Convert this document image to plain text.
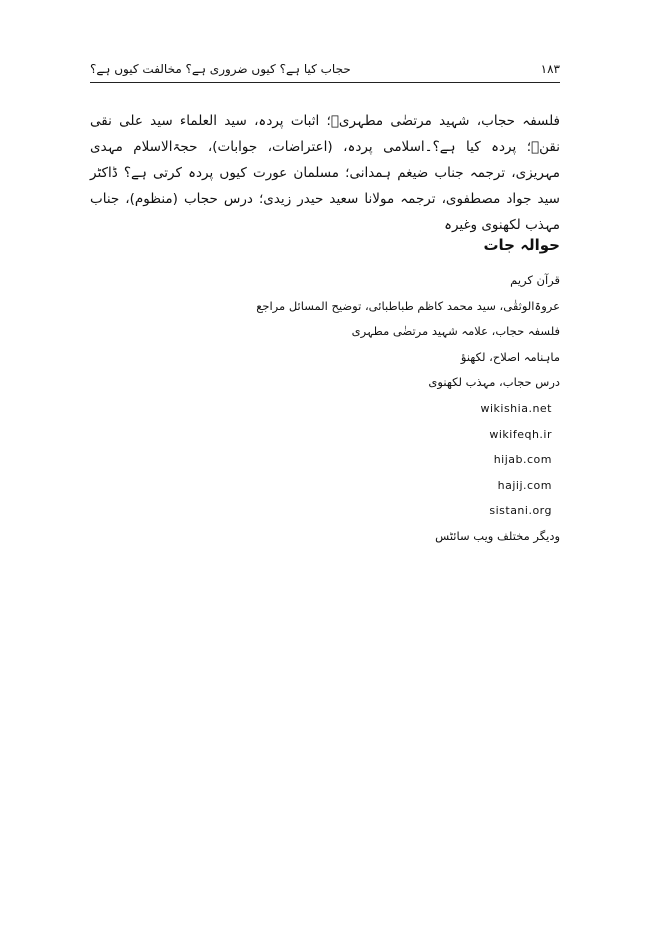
۱۸۳
حجاب کیا ہے؟ کیوں ضروری ہے؟ مخالفت کیوں ہے؟
فلسفہ حجاب، شہید مرتضٰی مطہریؒ؛ اثبات پردہ، سید العلماء سید علی نقی نقنؒ؛ پردہ کیا ہے؟۔اسلامی پردہ، (اعتراضات، جوابات)، حجۃالاسلام مہدی مہریزی، ترجمہ جناب ضیغم ہمدانی؛ مسلمان عورت کیوں پردہ کرتی ہے؟ ڈاکٹر سید جواد مصطفوی، ترجمہ مولانا سعید حیدر زیدی؛ درس حجاب (منظوم)، جناب مہذب لکھنوی وغیرہ
حوالہ جات
قرآن کریم
عروۃالوثقٰی، سید محمد کاظم طباطبائی، توضیح المسائل مراجع
فلسفہ حجاب، علامہ شہید مرتضٰی مطہری
ماہنامہ اصلاح، لکھنؤ
درس حجاب، مہذب لکھنوی
wikishia.net
wikifeqh.ir
hijab.com
hajij.com
sistani.org
ودیگر مختلف ویب سائٹس
